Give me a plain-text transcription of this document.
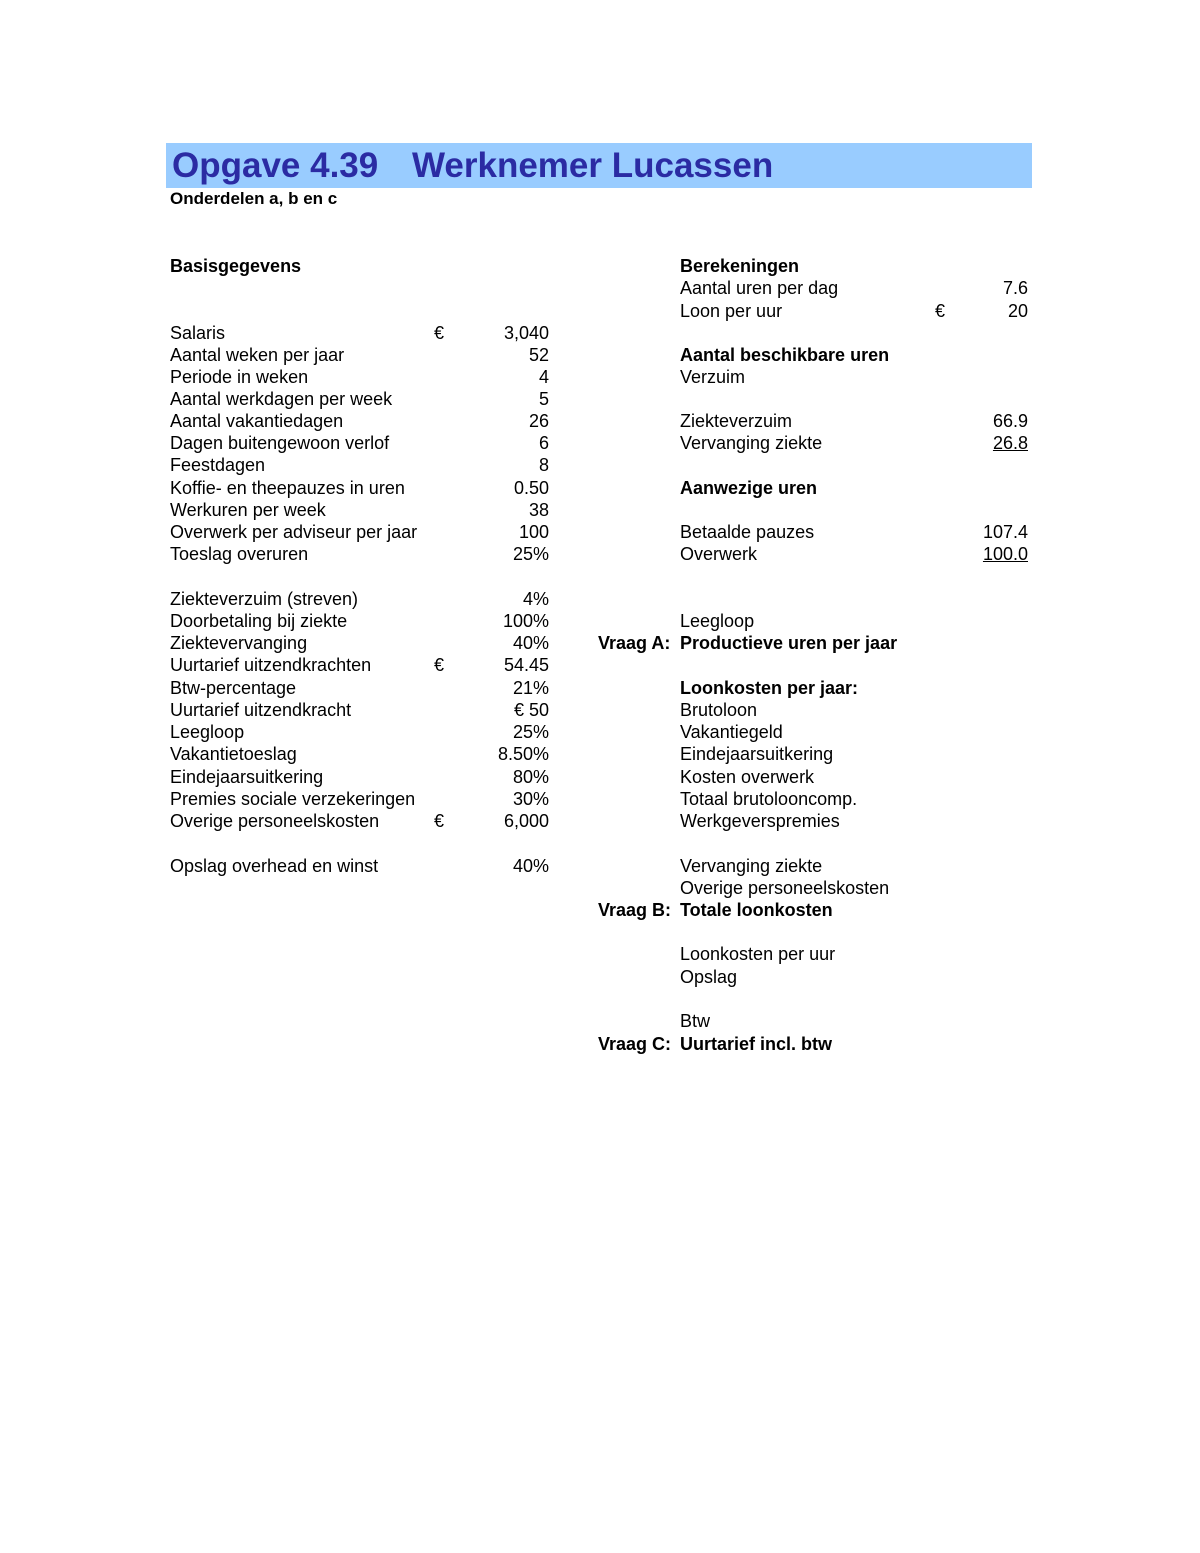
Opgave 4.39 Werknemer Lucassen
Onderdelen a, b en c
Basisgegevens
Salaris	€	3,040
Aantal weken per jaar	52
Periode in weken	4
Aantal werkdagen per week	5
Aantal vakantiedagen	26
Dagen buitengewoon verlof	6
Feestdagen	8
Koffie- en theepauzes in uren	0.50
Werkuren per week	38
Overwerk per adviseur per jaar	100
Toeslag overuren	25%
Ziekteverzuim (streven)	4%
Doorbetaling bij ziekte	100%
Ziektevervanging	40%
Uurtarief uitzendkrachten	€	54.45
Btw-percentage	21%
Uurtarief uitzendkracht	€ 50
Leegloop	25%
Vakantietoeslag	8.50%
Eindejaarsuitkering	80%
Premies sociale verzekeringen	30%
Overige personeelskosten	€	6,000
Opslag overhead en winst	40%
Berekeningen
Aantal uren per dag	7.6
Loon per uur	€	20
Aantal beschikbare uren
Verzuim
Ziekteverzuim	66.9
Vervanging ziekte	26.8
Aanwezige uren
Betaalde pauzes	107.4
Overwerk	100.0
Leegloop
Vraag A: Productieve uren per jaar
Loonkosten per jaar:
Brutoloon
Vakantiegeld
Eindejaarsuitkering
Kosten overwerk
Totaal brutolooncomp.
Werkgeverspremies
Vervanging ziekte
Overige personeelskosten
Vraag B: Totale loonkosten
Loonkosten per uur
Opslag
Btw
Vraag C: Uurtarief incl. btw
